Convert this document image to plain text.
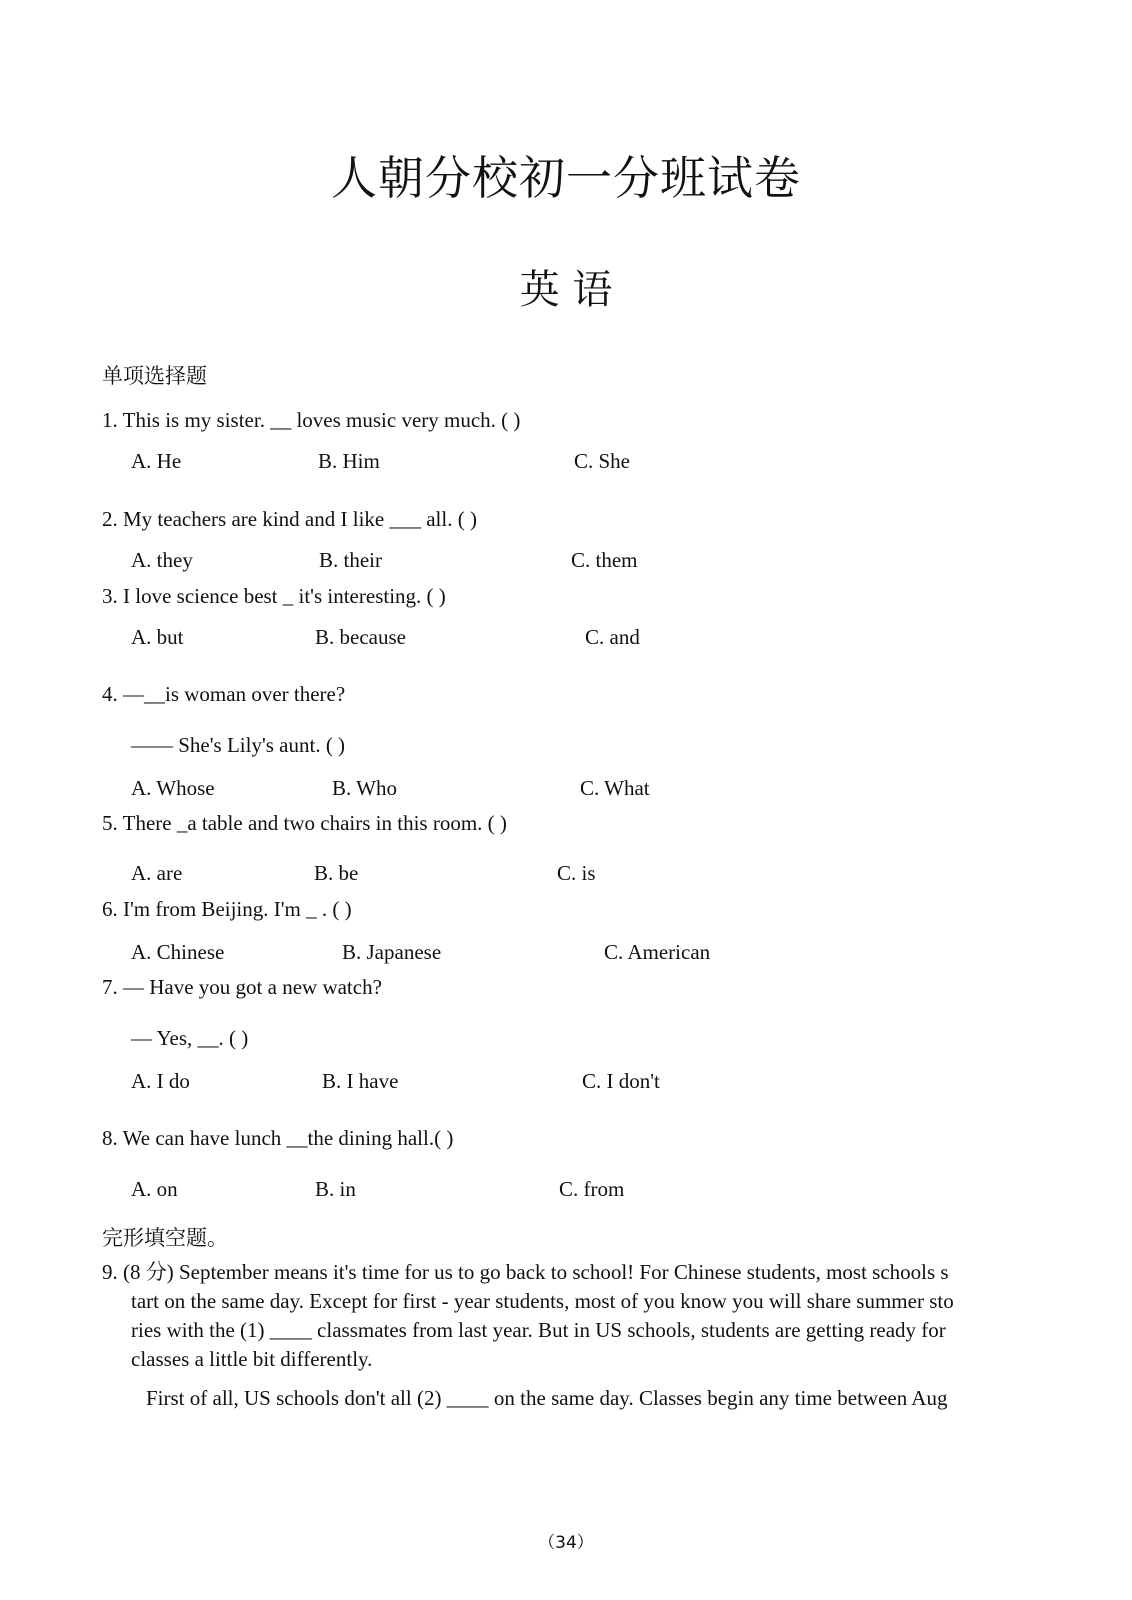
人朝分校初一分班试卷
英 语
单项选择题
1. This is my sister. __ loves music very much. ( )
A. He	B. Him	C. She
2. My teachers are kind and I like ___ all. ( )
A. they	B. their	C. them
3. I love science best _ it's interesting. ( )
A. but	B. because	C. and
4. —__is woman over there?
—— She's Lily's aunt. ( )
A. Whose	B. Who	C. What
5. There _a table and two chairs in this room. ( )
A. are	B. be	C. is
6. I'm from Beijing. I'm _ . ( )
A. Chinese	B. Japanese	C. American
7. — Have you got a new watch?
— Yes, __. ( )
A. I do	B. I have	C. I don't
8. We can have lunch __the dining hall.( )
A. on	B. in	C. from
完形填空题。
9. (8 分) September means it's time for us to go back to school! For Chinese students, most schools s
tart on the same day. Except for first - year students, most of you know you will share summer sto
ries with the (1) ____ classmates from last year. But in US schools, students are getting ready for
classes a little bit differently.
First of all, US schools don't all (2) ____ on the same day. Classes begin any time between Aug
（34）
